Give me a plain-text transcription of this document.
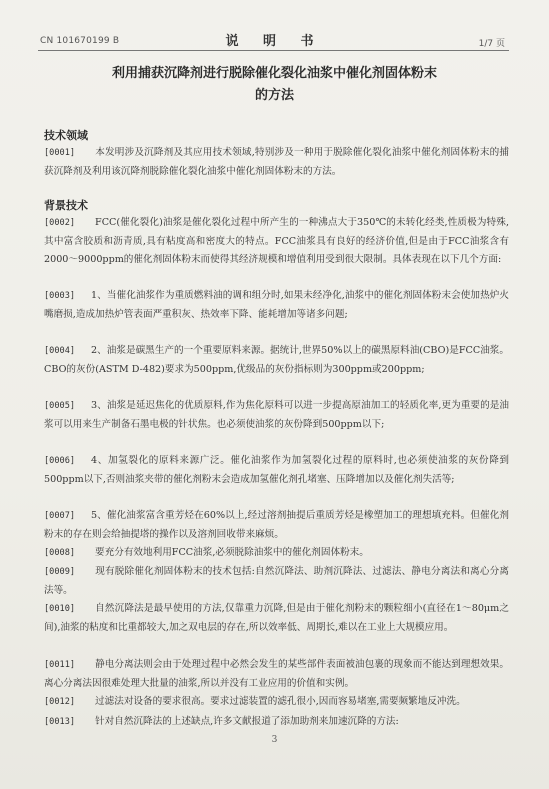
CN 101670199 B	说 明 书	1/7 页
利用捕获沉降剂进行脱除催化裂化油浆中催化剂固体粉末
的方法
技术领域
[0001] 本发明涉及沉降剂及其应用技术领域,特别涉及一种用于脱除催化裂化油浆中催化剂固体粉末的捕获沉降剂及利用该沉降剂脱除催化裂化油浆中催化剂固体粉末的方法。
背景技术
[0002] FCC(催化裂化)油浆是催化裂化过程中所产生的一种沸点大于350℃的未转化经类,性质极为特殊,其中富含胶质和沥青质,具有粘度高和密度大的特点。FCC油浆具有良好的经济价值,但是由于FCC油浆含有2000～9000ppm的催化剂固体粉末而使得其经济规模和增值利用受到很大限制。具体表现在以下几个方面:
[0003] 1、当催化油浆作为重质燃料油的调和组分时,如果未经净化,油浆中的催化剂固体粉末会使加热炉火嘴磨损,造成加热炉管表面严重积灰、热效率下降、能耗增加等诸多问题;
[0004] 2、油浆是碳黑生产的一个重要原料来源。据统计,世界50%以上的碳黑原料油(CBO)是FCC油浆。CBO的灰份(ASTM D-482)要求为500ppm,优级品的灰份指标则为300ppm或200ppm;
[0005] 3、油浆是延迟焦化的优质原料,作为焦化原料可以进一步提高原油加工的轻质化率,更为重要的是油浆可以用来生产制备石墨电极的针状焦。也必须使油浆的灰份降到500ppm以下;
[0006] 4、加氢裂化的原料来源广泛。催化油浆作为加氢裂化过程的原料时,也必须使油浆的灰份降到500ppm以下,否则油浆夹带的催化剂粉末会造成加氢催化剂孔堵塞、压降增加以及催化剂失活等;
[0007] 5、催化油浆富含重芳烃在60%以上,经过溶剂抽提后重质芳烃是橡塑加工的理想填充料。但催化剂粉末的存在则会给抽提塔的操作以及溶剂回收带来麻烦。
[0008] 要充分有效地利用FCC油浆,必须脱除油浆中的催化剂固体粉末。
[0009] 现有脱除催化剂固体粉末的技术包括:自然沉降法、助剂沉降法、过滤法、静电分离法和离心分离法等。
[0010] 自然沉降法是最早使用的方法,仅靠重力沉降,但是由于催化剂粉末的颗粒细小(直径在1～80μm之间),油浆的粘度和比重都较大,加之双电层的存在,所以效率低、周期长,难以在工业上大规模应用。
[0011] 静电分离法则会由于处理过程中必然会发生的某些部件表面被油包裹的现象而不能达到理想效果。离心分离法因很难处理大批量的油浆,所以并没有工业应用的价值和实例。
[0012] 过滤法对设备的要求很高。要求过滤装置的滤孔很小,因而容易堵塞,需要频繁地反冲洗。
[0013] 针对自然沉降法的上述缺点,许多文献报道了添加助剂来加速沉降的方法:
3
